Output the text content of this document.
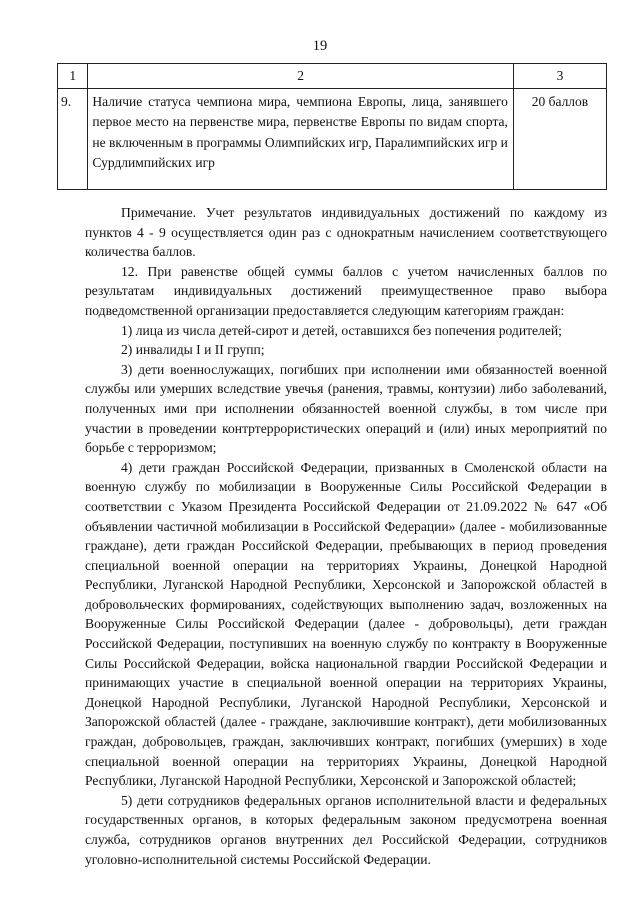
19
1	2	3
9.	Наличие статуса чемпиона мира, чемпиона Европы, лица, занявшего первое место на первенстве мира, первенстве Европы по видам спорта, не включенным в программы Олимпийских игр, Паралимпийских игр и Сурдлимпийских игр	20 баллов

Примечание. Учет результатов индивидуальных достижений по каждому из пунктов 4 - 9 осуществляется один раз с однократным начислением соответствующего количества баллов.

12. При равенстве общей суммы баллов с учетом начисленных баллов по результатам индивидуальных достижений преимущественное право выбора подведомственной организации предоставляется следующим категориям граждан:

1) лица из числа детей-сирот и детей, оставшихся без попечения родителей;

2) инвалиды I и II групп;

3) дети военнослужащих, погибших при исполнении ими обязанностей военной службы или умерших вследствие увечья (ранения, травмы, контузии) либо заболеваний, полученных ими при исполнении обязанностей военной службы, в том числе при участии в проведении контртеррористических операций и (или) иных мероприятий по борьбе с терроризмом;

4) дети граждан Российской Федерации, призванных в Смоленской области на военную службу по мобилизации в Вооруженные Силы Российской Федерации в соответствии с Указом Президента Российской Федерации от 21.09.2022 № 647 «Об объявлении частичной мобилизации в Российской Федерации» (далее - мобилизованные граждане), дети граждан Российской Федерации, пребывающих в период проведения специальной военной операции на территориях Украины, Донецкой Народной Республики, Луганской Народной Республики, Херсонской и Запорожской областей в добровольческих формированиях, содействующих выполнению задач, возложенных на Вооруженные Силы Российской Федерации (далее - добровольцы), дети граждан Российской Федерации, поступивших на военную службу по контракту в Вооруженные Силы Российской Федерации, войска национальной гвардии Российской Федерации и принимающих участие в специальной военной операции на территориях Украины, Донецкой Народной Республики, Луганской Народной Республики, Херсонской и Запорожской областей (далее - граждане, заключившие контракт), дети мобилизованных граждан, добровольцев, граждан, заключивших контракт, погибших (умерших) в ходе специальной военной операции на территориях Украины, Донецкой Народной Республики, Луганской Народной Республики, Херсонской и Запорожской областей;

5) дети сотрудников федеральных органов исполнительной власти и федеральных государственных органов, в которых федеральным законом предусмотрена военная служба, сотрудников органов внутренних дел Российской Федерации, сотрудников уголовно-исполнительной системы Российской Федерации.
